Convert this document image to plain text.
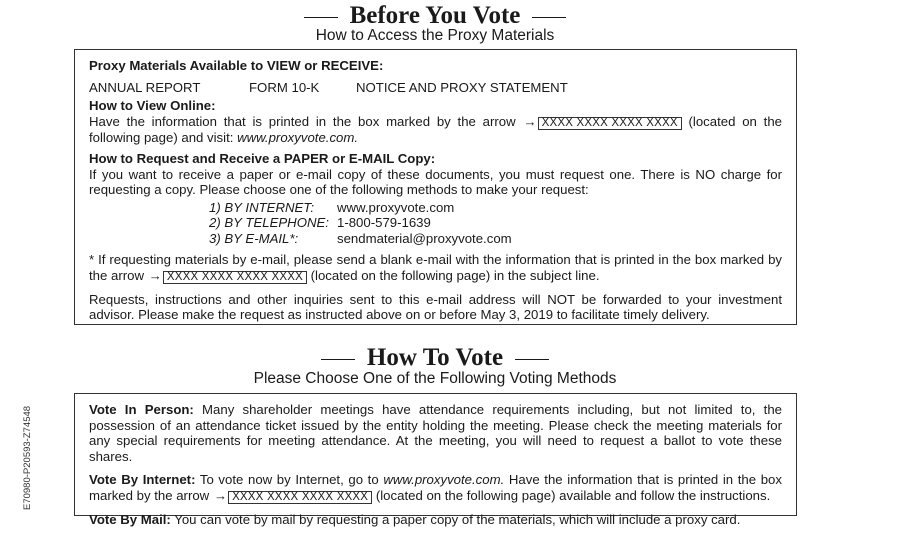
Before You Vote
How to Access the Proxy Materials

Proxy Materials Available to VIEW or RECEIVE:

ANNUAL REPORT	FORM 10-K	NOTICE AND PROXY STATEMENT

How to View Online:

Have the information that is printed in the box marked by the arrow → XXXX XXXX XXXX XXXX (located on the following page) and visit: www.proxyvote.com.

How to Request and Receive a PAPER or E-MAIL Copy:

If you want to receive a paper or e-mail copy of these documents, you must request one. There is NO charge for requesting a copy. Please choose one of the following methods to make your request:

1) BY INTERNET:	www.proxyvote.com
2) BY TELEPHONE: 1-800-579-1639
3) BY E-MAIL*:	sendmaterial@proxyvote.com

* If requesting materials by e-mail, please send a blank e-mail with the information that is printed in the box marked by the arrow → XXXX XXXX XXXX XXXX (located on the following page) in the subject line.

Requests, instructions and other inquiries sent to this e-mail address will NOT be forwarded to your investment advisor. Please make the request as instructed above on or before May 3, 2019 to facilitate timely delivery.

How To Vote
Please Choose One of the Following Voting Methods

Vote In Person: Many shareholder meetings have attendance requirements including, but not limited to, the possession of an attendance ticket issued by the entity holding the meeting. Please check the meeting materials for any special requirements for meeting attendance. At the meeting, you will need to request a ballot to vote these shares.

Vote By Internet: To vote now by Internet, go to www.proxyvote.com. Have the information that is printed in the box marked by the arrow → XXXX XXXX XXXX XXXX (located on the following page) available and follow the instructions.

Vote By Mail: You can vote by mail by requesting a paper copy of the materials, which will include a proxy card.

E70980-P20593-Z74548
